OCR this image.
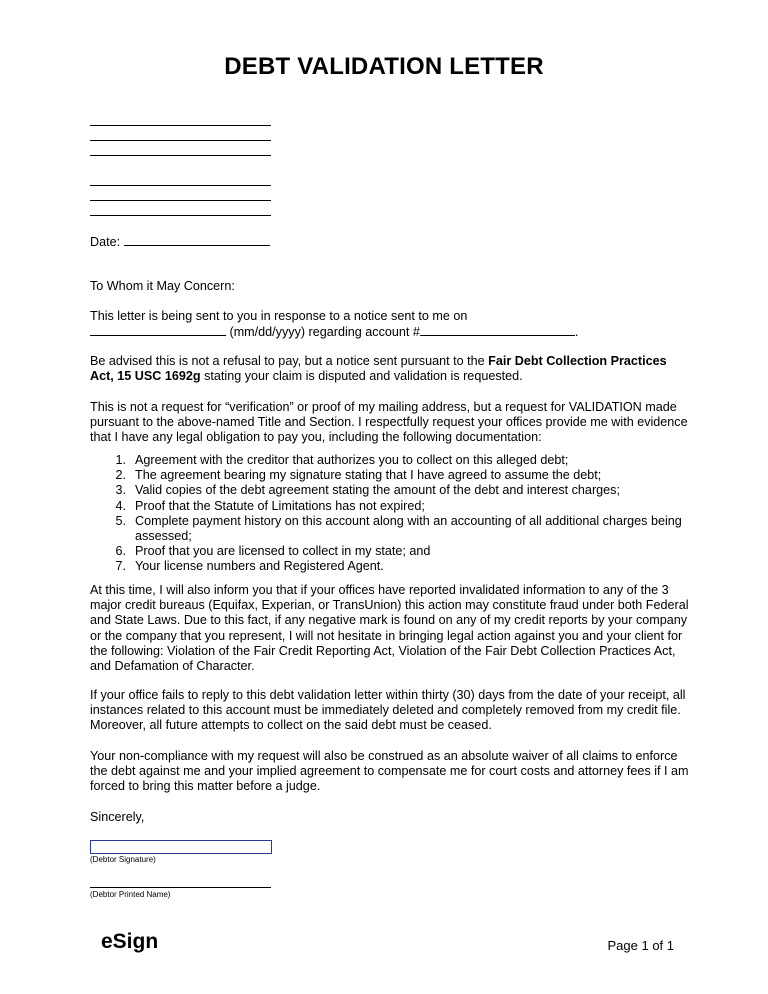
DEBT VALIDATION LETTER
Date:
To Whom it May Concern:
This letter is being sent to you in response to a notice sent to me on
(mm/dd/yyyy) regarding account #	.
Be advised this is not a refusal to pay, but a notice sent pursuant to the Fair Debt Collection Practices Act, 15 USC 1692g stating your claim is disputed and validation is requested.
This is not a request for “verification” or proof of my mailing address, but a request for VALIDATION made pursuant to the above-named Title and Section. I respectfully request your offices provide me with evidence that I have any legal obligation to pay you, including the following documentation:
1. Agreement with the creditor that authorizes you to collect on this alleged debt;
2. The agreement bearing my signature stating that I have agreed to assume the debt;
3. Valid copies of the debt agreement stating the amount of the debt and interest charges;
4. Proof that the Statute of Limitations has not expired;
5. Complete payment history on this account along with an accounting of all additional charges being assessed;
6. Proof that you are licensed to collect in my state; and
7. Your license numbers and Registered Agent.
At this time, I will also inform you that if your offices have reported invalidated information to any of the 3 major credit bureaus (Equifax, Experian, or TransUnion) this action may constitute fraud under both Federal and State Laws. Due to this fact, if any negative mark is found on any of my credit reports by your company or the company that you represent, I will not hesitate in bringing legal action against you and your client for the following: Violation of the Fair Credit Reporting Act, Violation of the Fair Debt Collection Practices Act, and Defamation of Character.
If your office fails to reply to this debt validation letter within thirty (30) days from the date of your receipt, all instances related to this account must be immediately deleted and completely removed from my credit file. Moreover, all future attempts to collect on the said debt must be ceased.
Your non-compliance with my request will also be construed as an absolute waiver of all claims to enforce the debt against me and your implied agreement to compensate me for court costs and attorney fees if I am forced to bring this matter before a judge.
Sincerely,
(Debtor Signature)
(Debtor Printed Name)
eSign	Page 1 of 1
